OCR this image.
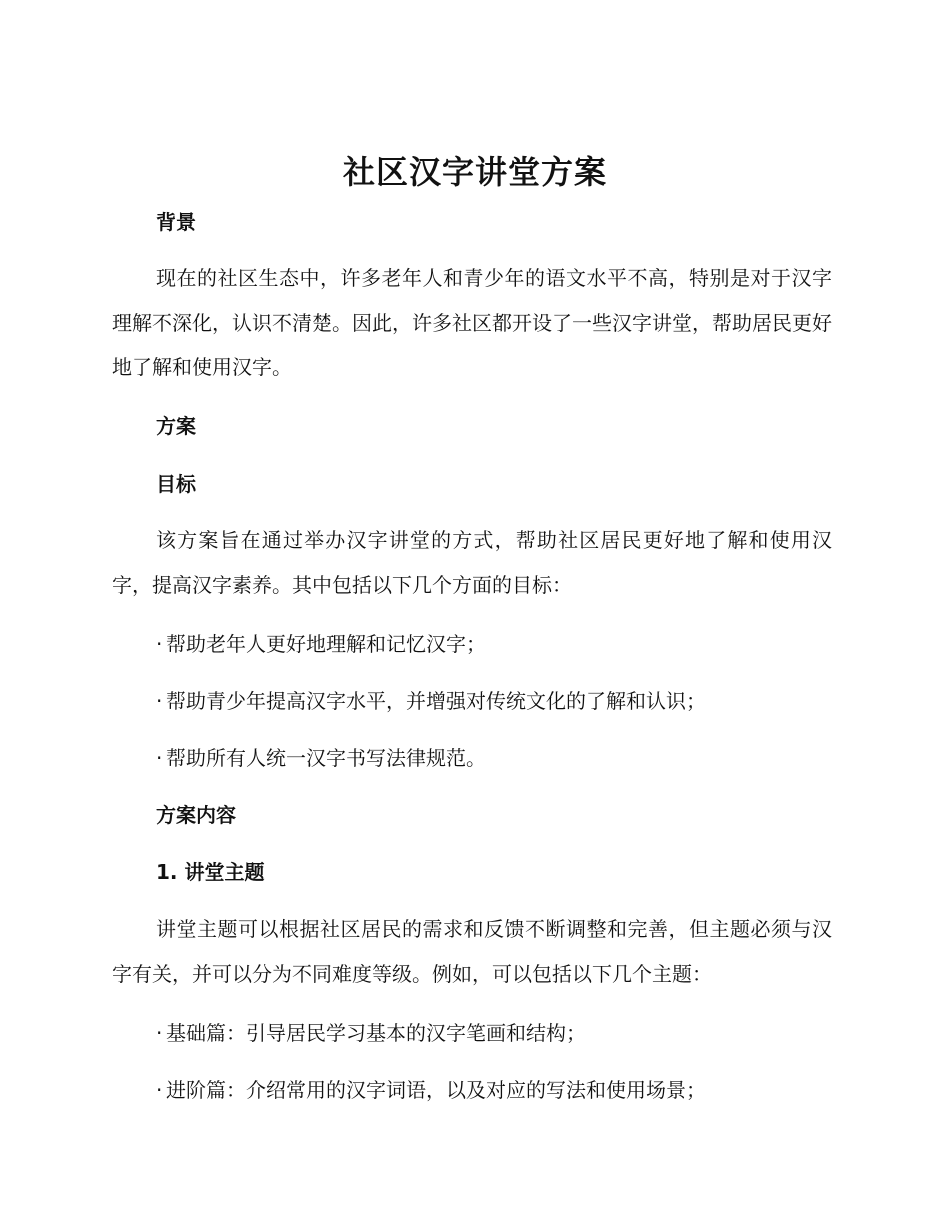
社区汉字讲堂方案
背景
现在的社区生态中，许多老年人和青少年的语文水平不高，特别是对于汉字理解不深化，认识不清楚。因此，许多社区都开设了一些汉字讲堂，帮助居民更好地了解和使用汉字。
方案
目标
该方案旨在通过举办汉字讲堂的方式，帮助社区居民更好地了解和使用汉字，提高汉字素养。其中包括以下几个方面的目标：
· 帮助老年人更好地理解和记忆汉字；
· 帮助青少年提高汉字水平，并增强对传统文化的了解和认识；
· 帮助所有人统一汉字书写法律规范。
方案内容
1. 讲堂主题
讲堂主题可以根据社区居民的需求和反馈不断调整和完善，但主题必须与汉字有关，并可以分为不同难度等级。例如，可以包括以下几个主题：
· 基础篇：引导居民学习基本的汉字笔画和结构；
· 进阶篇：介绍常用的汉字词语，以及对应的写法和使用场景；
